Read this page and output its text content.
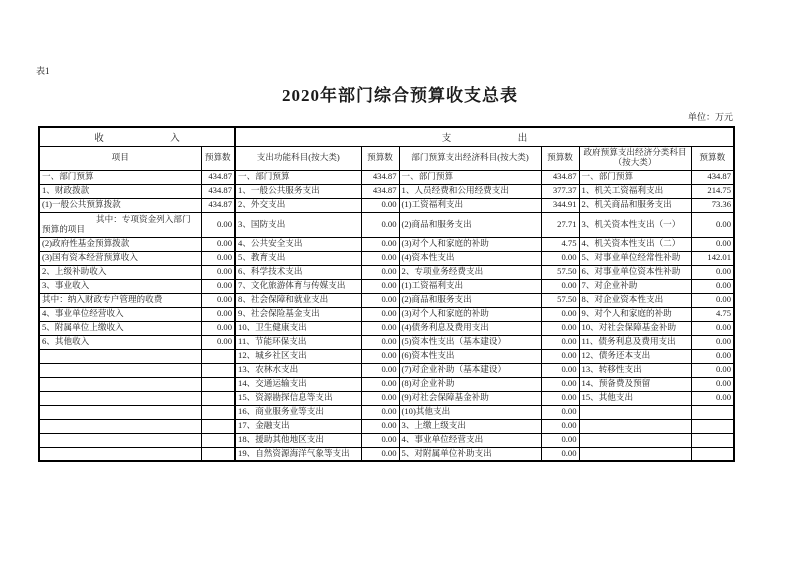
表1
2020年部门综合预算收支总表
单位：万元
收　　　　　　　入		支　　　　　　　出					
项目	预算数	支出功能科目(按大类)	预算数	部门预算支出经济科目(按大类)	预算数	政府预算支出经济分类科目（按大类）	预算数
一、部门预算	434.87	一、部门预算	434.87	一、部门预算	434.87	一、部门预算	434.87
1、财政拨款	434.87	1、一般公共服务支出	434.87	1、人员经费和公用经费支出	377.37	1、机关工资福利支出	214.75
(1)一般公共预算拨款	434.87	2、外交支出	0.00	(1)工资福利支出	344.91	2、机关商品和服务支出	73.36
其中：专项资金列入部门预算的项目	0.00	3、国防支出	0.00	(2)商品和服务支出	27.71	3、机关资本性支出（一）	0.00
(2)政府性基金预算拨款	0.00	4、公共安全支出	0.00	(3)对个人和家庭的补助	4.75	4、机关资本性支出（二）	0.00
(3)国有资本经营预算收入	0.00	5、教育支出	0.00	(4)资本性支出	0.00	5、对事业单位经常性补助	142.01
2、上级补助收入	0.00	6、科学技术支出	0.00	2、专项业务经费支出	57.50	6、对事业单位资本性补助	0.00
3、事业收入	0.00	7、文化旅游体育与传媒支出	0.00	(1)工资福利支出	0.00	7、对企业补助	0.00
其中：纳入财政专户管理的收费	0.00	8、社会保障和就业支出	0.00	(2)商品和服务支出	57.50	8、对企业资本性支出	0.00
4、事业单位经营收入	0.00	9、社会保险基金支出	0.00	(3)对个人和家庭的补助	0.00	9、对个人和家庭的补助	4.75
5、附属单位上缴收入	0.00	10、卫生健康支出	0.00	(4)债务利息及费用支出	0.00	10、对社会保障基金补助	0.00
6、其他收入	0.00	11、节能环保支出	0.00	(5)资本性支出（基本建设）	0.00	11、债务利息及费用支出	0.00
		12、城乡社区支出	0.00	(6)资本性支出	0.00	12、债务还本支出	0.00
		13、农林水支出	0.00	(7)对企业补助（基本建设）	0.00	13、转移性支出	0.00
		14、交通运输支出	0.00	(8)对企业补助	0.00	14、预备费及预留	0.00
		15、资源勘探信息等支出	0.00	(9)对社会保障基金补助	0.00	15、其他支出	0.00
		16、商业服务业等支出	0.00	(10)其他支出	0.00		
		17、金融支出	0.00	3、上缴上级支出	0.00		
		18、援助其他地区支出	0.00	4、事业单位经营支出	0.00		
		19、自然资源海洋气象等支出	0.00	5、对附属单位补助支出	0.00		
